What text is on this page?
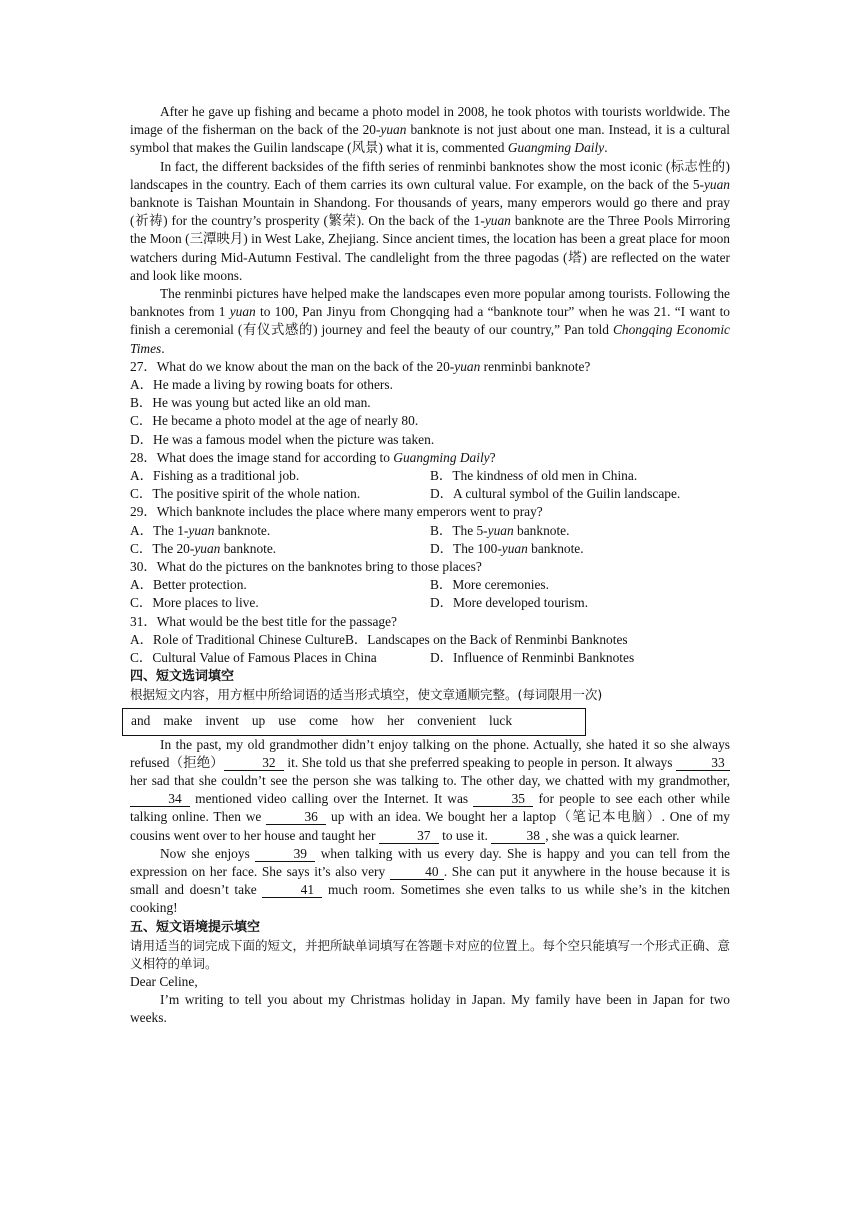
After he gave up fishing and became a photo model in 2008, he took photos with tourists worldwide. The image of the fisherman on the back of the 20-yuan banknote is not just about one man. Instead, it is a cultural symbol that makes the Guilin landscape (风景) what it is, commented Guangming Daily.

In fact, the different backsides of the fifth series of renminbi banknotes show the most iconic (标志性的) landscapes in the country. Each of them carries its own cultural value. For example, on the back of the 5-yuan banknote is Taishan Mountain in Shandong. For thousands of years, many emperors would go there and pray (祈祷) for the country’s prosperity (繁荣). On the back of the 1-yuan banknote are the Three Pools Mirroring the Moon (三潭映月) in West Lake, Zhejiang. Since ancient times, the location has been a great place for moon watchers during Mid-Autumn Festival. The candlelight from the three pagodas (塔) are reflected on the water and look like moons.

The renminbi pictures have helped make the landscapes even more popular among tourists. Following the banknotes from 1 yuan to 100, Pan Jinyu from Chongqing had a “banknote tour” when he was 21. “I want to finish a ceremonial (有仪式感的) journey and feel the beauty of our country,” Pan told Chongqing Economic Times.

27．What do we know about the man on the back of the 20-yuan renminbi banknote?

A．He made a living by rowing boats for others.

B．He was young but acted like an old man.

C．He became a photo model at the age of nearly 80.

D．He was a famous model when the picture was taken.

28．What does the image stand for according to Guangming Daily?

A．Fishing as a traditional job.	B．The kindness of old men in China.
C．The positive spirit of the whole nation.	D．A cultural symbol of the Guilin landscape.

29．Which banknote includes the place where many emperors went to pray?

A．The 1-yuan banknote.	B．The 5-yuan banknote.
C．The 20-yuan banknote.	D．The 100-yuan banknote.

30．What do the pictures on the banknotes bring to those places?

A．Better protection.	B．More ceremonies.
C．More places to live.	D．More developed tourism.

31．What would be the best title for the passage?

A．Role of Traditional Chinese Culture B．Landscapes on the Back of Renminbi Banknotes
C．Cultural Value of Famous Places in China	D．Influence of Renminbi Banknotes

四、短文选词填空

根据短文内容，用方框中所给词语的适当形式填空，使文章通顺完整。(每词限用一次)

and make invent up use come how her convenient luck

In the past, my old grandmother didn’t enjoy talking on the phone. Actually, she hated it so she always refused（拒绝）	32 it. She told us that she preferred speaking to people in person. It always	33 her sad that she couldn’t see the person she was talking to. The other day, we chatted with my grandmother, 34 mentioned video calling over the Internet. It was	35 for people to see each other while talking online. Then we	36 up with an idea. We bought her a laptop（笔记本电脑）. One of my cousins went over to her house and taught her	37 to use it.	38 , she was a quick learner.

Now she enjoys	39 when talking with us every day. She is happy and you can tell from the expression on her face. She says it’s also very	40 . She can put it anywhere in the house because it is small and doesn’t take	41 much room. Sometimes she even talks to us while she’s in the kitchen cooking!

五、短文语境提示填空

请用适当的词完成下面的短文，并把所缺单词填写在答题卡对应的位置上。每个空只能填写一个形式正确、意义相符的单词。

Dear Celine,

I’m writing to tell you about my Christmas holiday in Japan. My family have been in Japan for two weeks.
